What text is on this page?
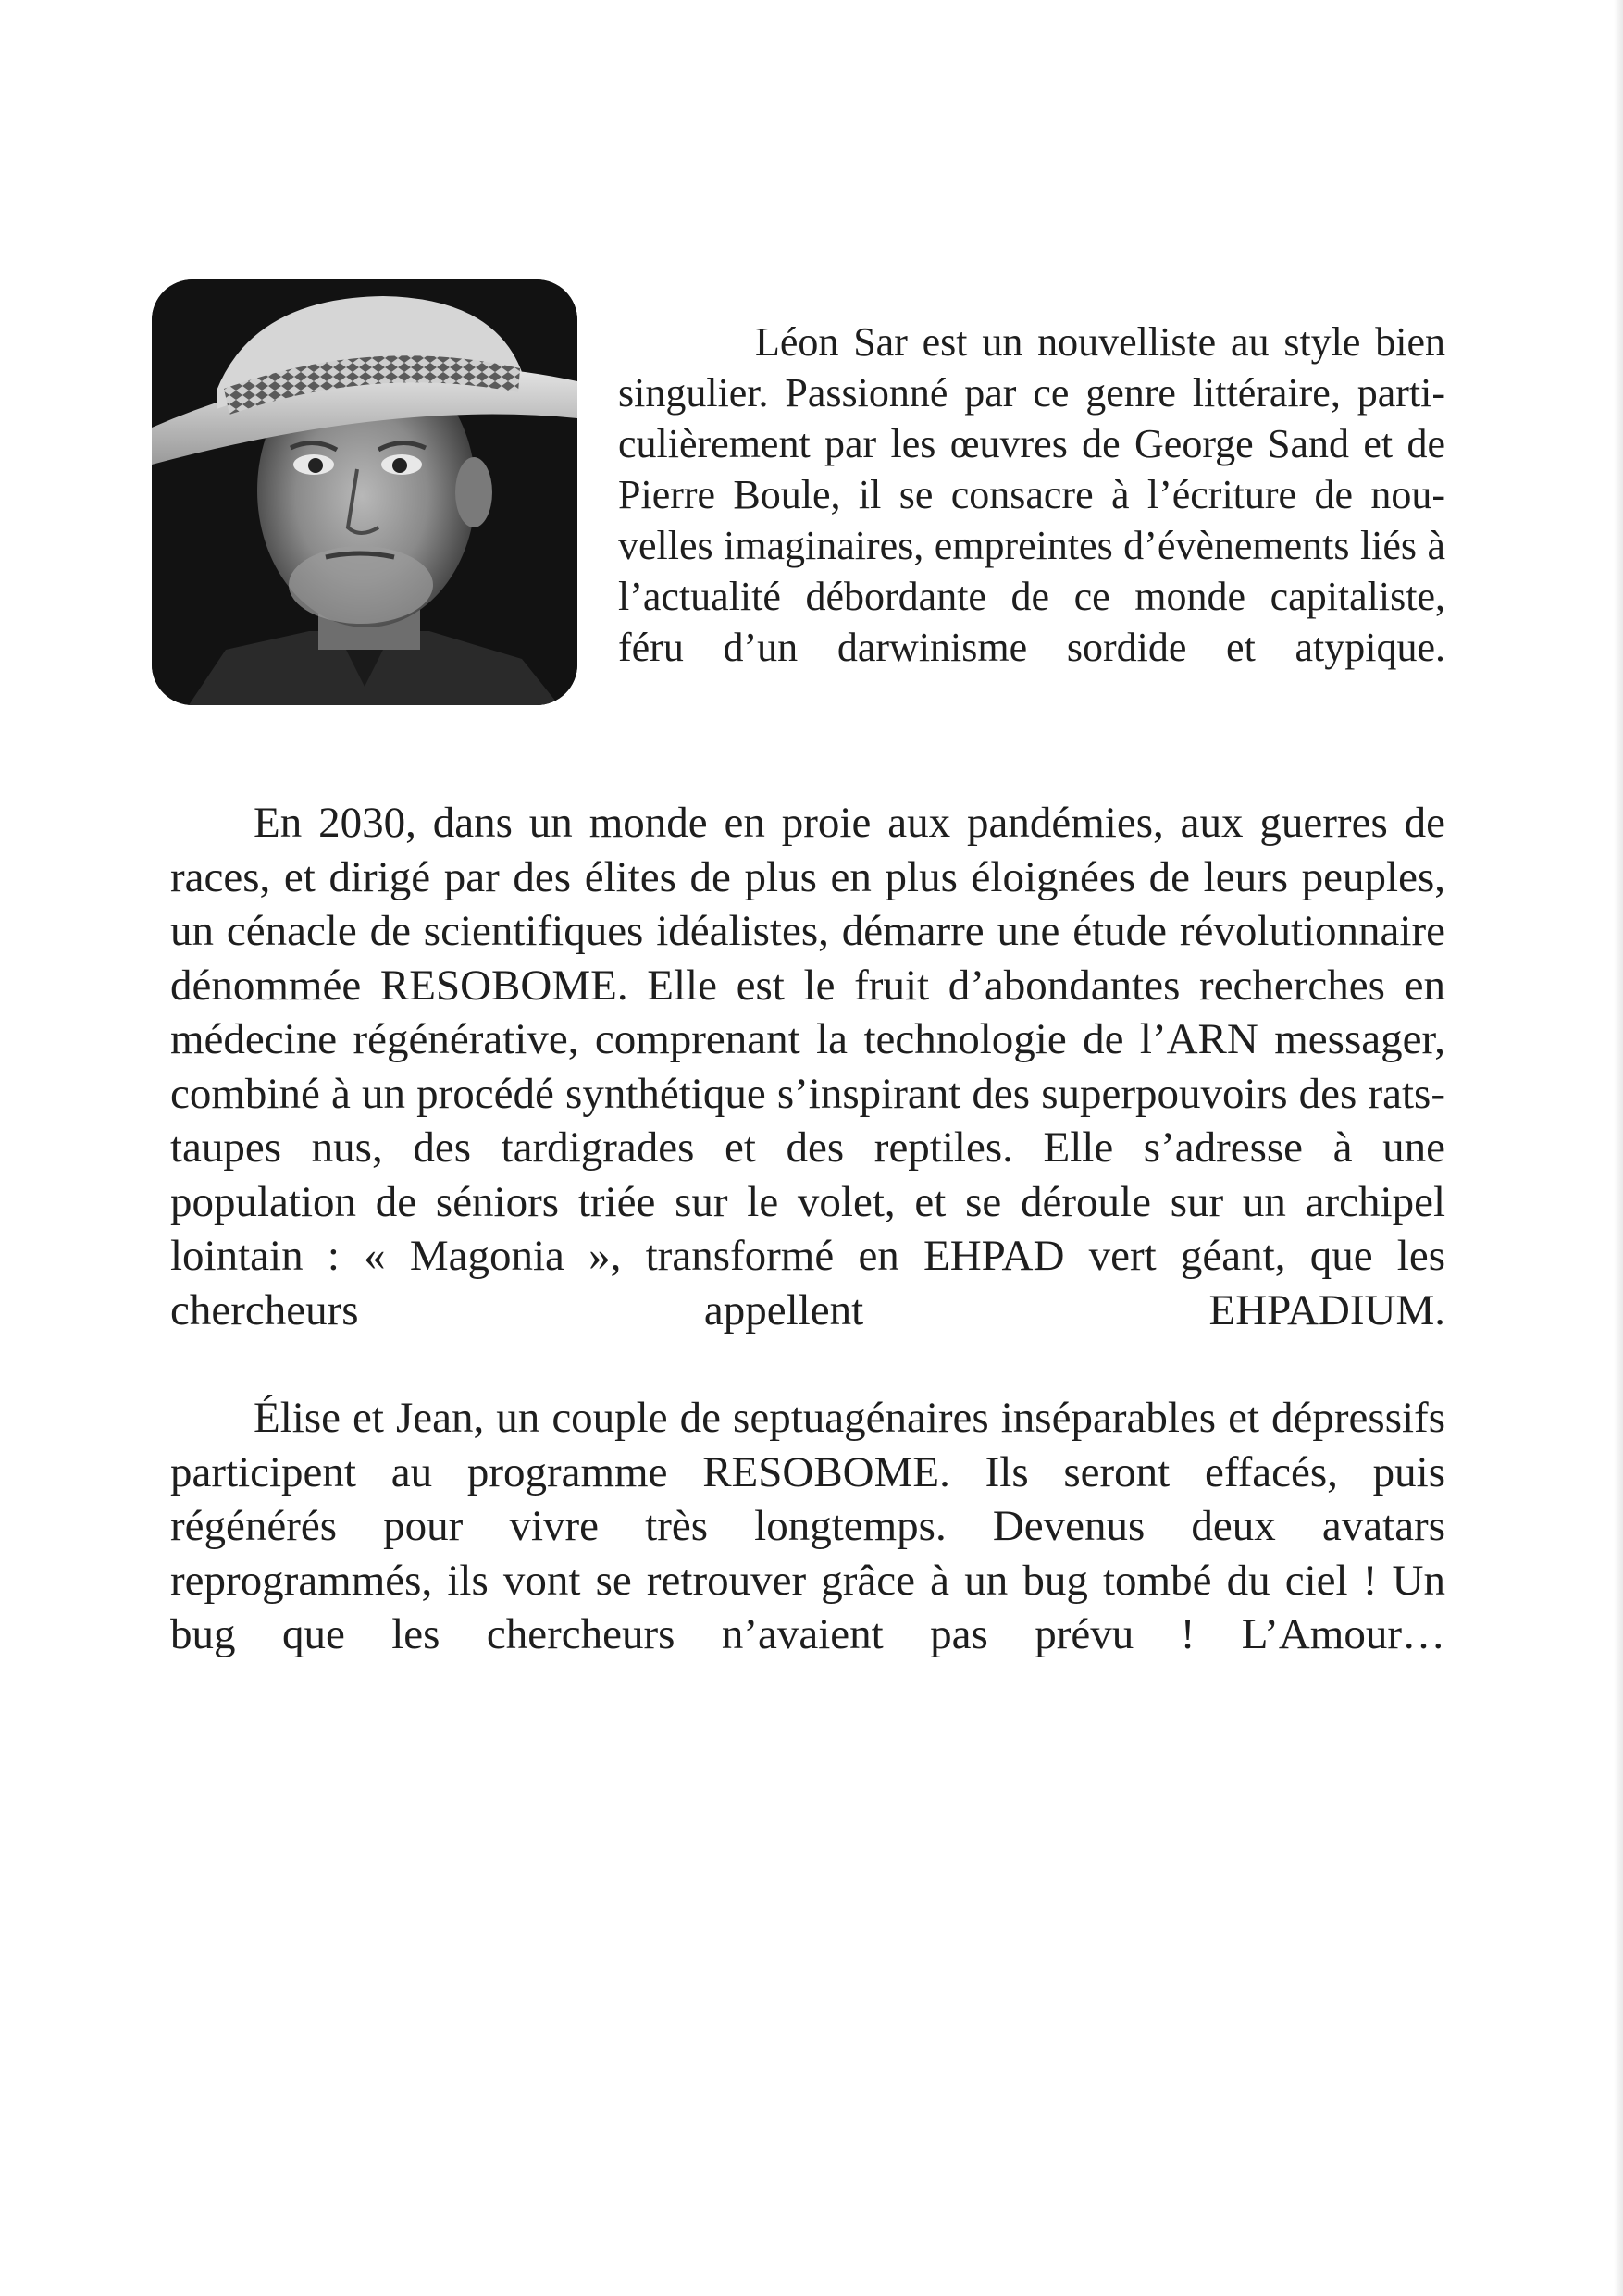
Léon Sar est un nouvelliste au style bien singulier. Passionné par ce genre littéraire, particulièrement par les œuvres de George Sand et de Pierre Boule, il se consacre à l’écriture de nouvelles imaginaires, empreintes d’évènements liés à l’actualité débordante de ce monde capitaliste, féru d’un darwinisme sordide et atypique.

En 2030, dans un monde en proie aux pandémies, aux guerres de races, et dirigé par des élites de plus en plus éloignées de leurs peuples, un cénacle de scientifiques idéalistes, démarre une étude révolutionnaire dénommée RESOBOME. Elle est le fruit d’abondantes recherches en médecine régénérative, comprenant la technologie de l’ARN messager, combiné à un procédé synthétique s’inspirant des superpouvoirs des rats-taupes nus, des tardigrades et des reptiles. Elle s’adresse à une population de séniors triée sur le volet, et se déroule sur un archipel lointain : « Magonia », transformé en EHPAD vert géant, que les chercheurs appellent EHPADIUM.

Élise et Jean, un couple de septuagénaires inséparables et dépressifs participent au programme RESOBOME. Ils seront effacés, puis régénérés pour vivre très longtemps. Devenus deux avatars reprogrammés, ils vont se retrouver grâce à un bug tombé du ciel ! Un bug que les chercheurs n’avaient pas prévu ! L’Amour…
